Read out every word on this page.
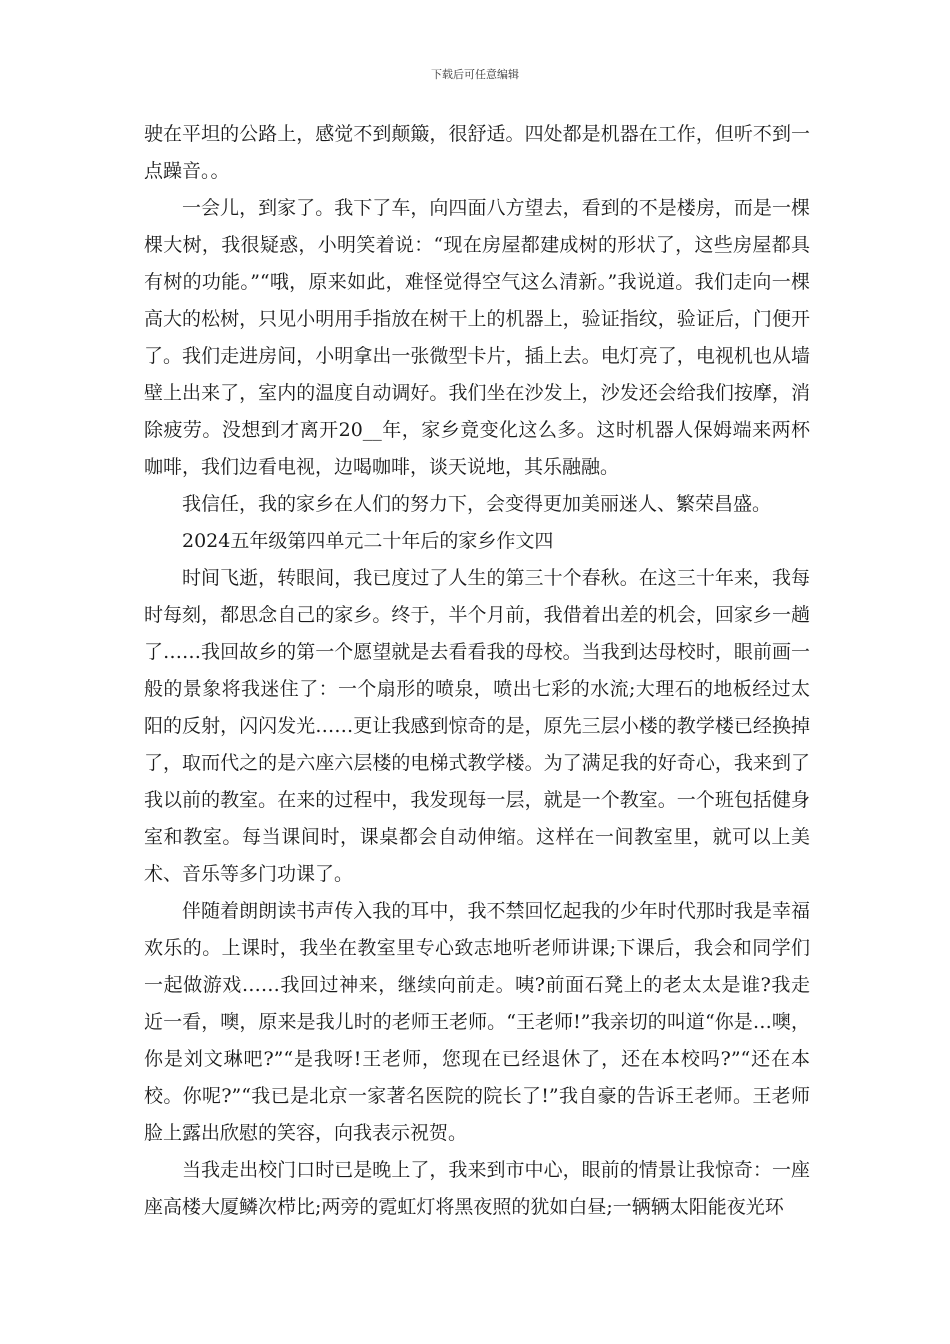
下载后可任意编辑

驶在平坦的公路上，感觉不到颠簸，很舒适。四处都是机器在工作，但听不到一点躁音。。

一会儿，到家了。我下了车，向四面八方望去，看到的不是楼房，而是一棵棵大树，我很疑惑，小明笑着说：“现在房屋都建成树的形状了，这些房屋都具有树的功能。”“哦，原来如此，难怪觉得空气这么清新。”我说道。我们走向一棵高大的松树，只见小明用手指放在树干上的机器上，验证指纹，验证后，门便开了。我们走进房间，小明拿出一张微型卡片，插上去。电灯亮了，电视机也从墙壁上出来了，室内的温度自动调好。我们坐在沙发上，沙发还会给我们按摩，消除疲劳。没想到才离开20__年，家乡竟变化这么多。这时机器人保姆端来两杯咖啡，我们边看电视，边喝咖啡，谈天说地，其乐融融。

我信任，我的家乡在人们的努力下，会变得更加美丽迷人、繁荣昌盛。

2024五年级第四单元二十年后的家乡作文四

时间飞逝，转眼间，我已度过了人生的第三十个春秋。在这三十年来，我每时每刻，都思念自己的家乡。终于，半个月前，我借着出差的机会，回家乡一趟了……我回故乡的第一个愿望就是去看看我的母校。当我到达母校时，眼前画一般的景象将我迷住了：一个扇形的喷泉，喷出七彩的水流;大理石的地板经过太阳的反射，闪闪发光……更让我感到惊奇的是，原先三层小楼的教学楼已经换掉了，取而代之的是六座六层楼的电梯式教学楼。为了满足我的好奇心，我来到了我以前的教室。在来的过程中，我发现每一层，就是一个教室。一个班包括健身室和教室。每当课间时，课桌都会自动伸缩。这样在一间教室里，就可以上美术、音乐等多门功课了。

伴随着朗朗读书声传入我的耳中，我不禁回忆起我的少年时代那时我是幸福欢乐的。上课时，我坐在教室里专心致志地听老师讲课;下课后，我会和同学们一起做游戏……我回过神来，继续向前走。咦?前面石凳上的老太太是谁?我走近一看，噢，原来是我儿时的老师王老师。“王老师!”我亲切的叫道“你是…噢，你是刘文琳吧?”“是我呀!王老师，您现在已经退休了，还在本校吗?”“还在本校。你呢?”“我已是北京一家著名医院的院长了!”我自豪的告诉王老师。王老师脸上露出欣慰的笑容，向我表示祝贺。

当我走出校门口时已是晚上了，我来到市中心，眼前的情景让我惊奇：一座座高楼大厦鳞次栉比;两旁的霓虹灯将黑夜照的犹如白昼;一辆辆太阳能夜光环
